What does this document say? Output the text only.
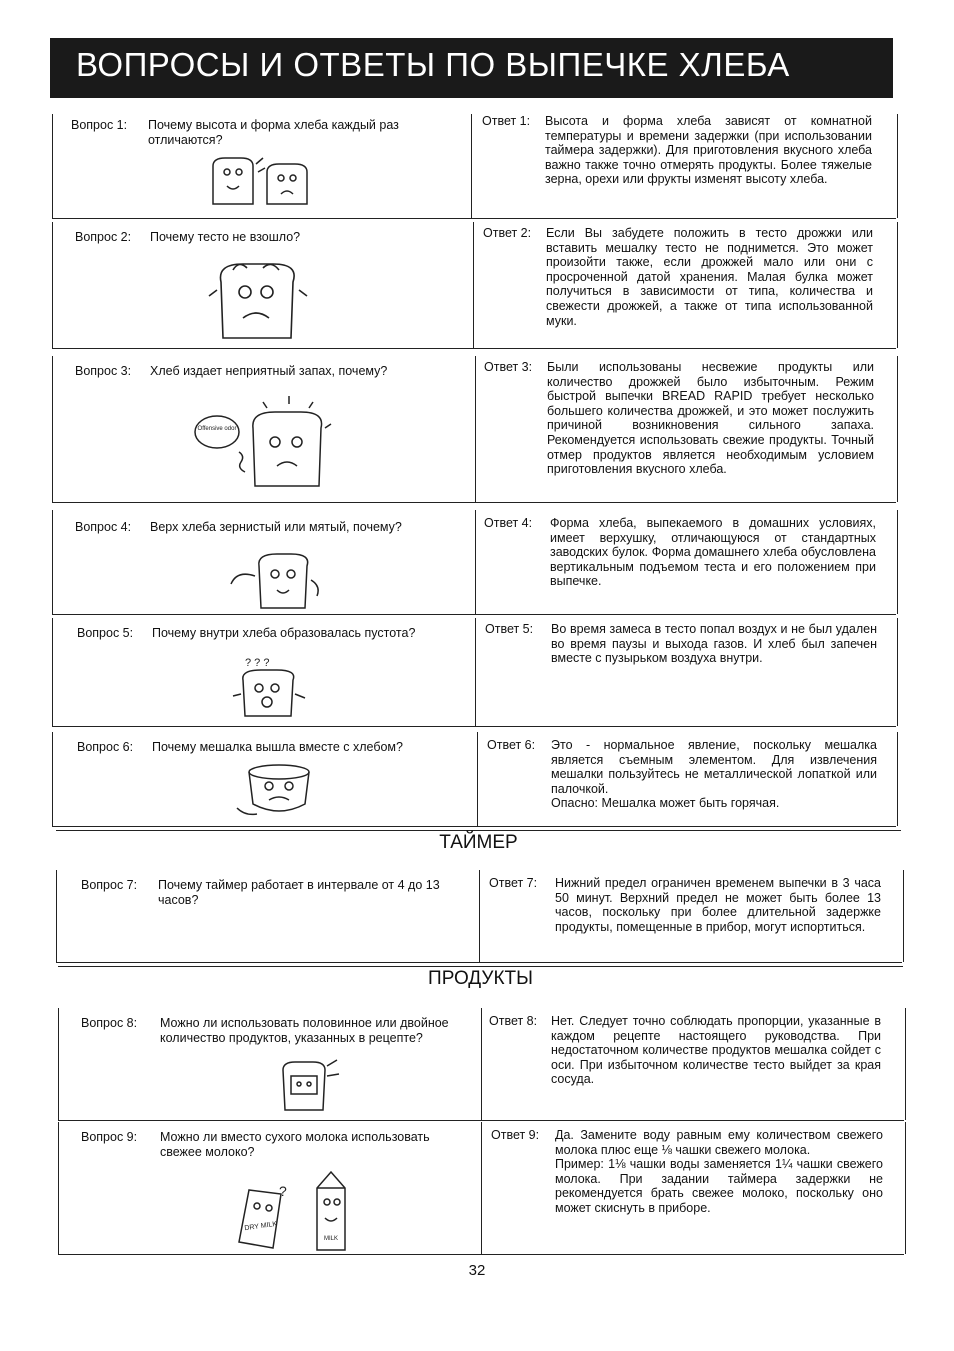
ВОПРОСЫ И ОТВЕТЫ ПО ВЫПЕЧКЕ ХЛЕБА
Вопрос 1:	Почему высота и форма хлеба каждый раз отличаются?
Ответ 1: Высота и форма хлеба зависят от комнатной температуры и времени задержки (при использовании таймера задержки). Для приготовления вкусного хлеба важно также точно отмерять продукты. Более тяжелые зерна, орехи или фрукты изменят высоту хлеба.
Вопрос 2:	Почему тесто не взошло?	Ответ 2: Если Вы забудете положить в тесто дрожжи или вставить мешалку тесто не поднимется. Это может произойти также, если дрожжей мало или они с просроченной датой хранения. Малая булка может получиться в зависимости от типа, количества и свежести дрожжей, а также от типа использованной муки.
Вопрос 3:	Хлеб издает неприятный запах, почему?	Ответ 3: Были использованы несвежие продукты или количество дрожжей было избыточным. Режим быстрой выпечки BREAD RAPID требует несколько большего количества дрожжей, и это может послужить причиной возникновения сильного запаха. Рекомендуется использовать свежие продукты. Точный отмер продуктов является необходимым условием приготовления вкусного хлеба.
Offensive odor
Вопрос 4:	Верх хлеба зернистый или мятый, почему?	Ответ 4: Форма хлеба, выпекаемого в домашних условиях, имеет верхушку, отличающуюся от стандартных заводских булок. Форма домашнего хлеба обусловлена вертикальным подъемом теста и его положением при выпечке.
Вопрос 5:	Почему внутри хлеба образовалась пустота?	Ответ 5: Во время замеса в тесто попал воздух и не был удален во время паузы и выхода газов. И хлеб был запечен вместе с пузырьком воздуха внутри.
? ? ?
Вопрос 6:	Почему мешалка вышла вместе с хлебом?	Ответ 6: Это - нормальное явление, поскольку мешалка является съемным элементом. Для извлечения мешалки пользуйтесь не металлической лопаткой или палочкой.
Опасно: Мешалка может быть горячая.
ТАЙМЕР
Вопрос 7:	Почему таймер работает в интервале от 4 до 13 часов?
Ответ 7: Нижний предел ограничен временем выпечки в 3 часа 50 минут. Верхний предел не может быть более 13 часов, поскольку при более длительной задержке продукты, помещенные в прибор, могут испортиться.
ПРОДУКТЫ
Вопрос 8:	Можно ли использовать половинное или двойное количество продуктов, указанных в рецепте?
Ответ 8: Нет. Следует точно соблюдать пропорции, указанные в каждом рецепте настоящего руководства. При недостаточном количестве продуктов мешалка сойдет с оси. При избыточном количестве тесто выйдет за края сосуда.
Вопрос 9:	Можно ли вместо сухого молока использовать свежее молоко?
Ответ 9: Да. Замените воду равным ему количеством свежего молока плюс еще ⅛ чашки свежего молока.
Пример: 1⅛ чашки воды заменяется 1¼ чашки свежего молока. При задании таймера задержки не рекомендуется брать свежее молоко, поскольку оно может скиснуть в приборе.
?
DRY MILK
MILK
32
